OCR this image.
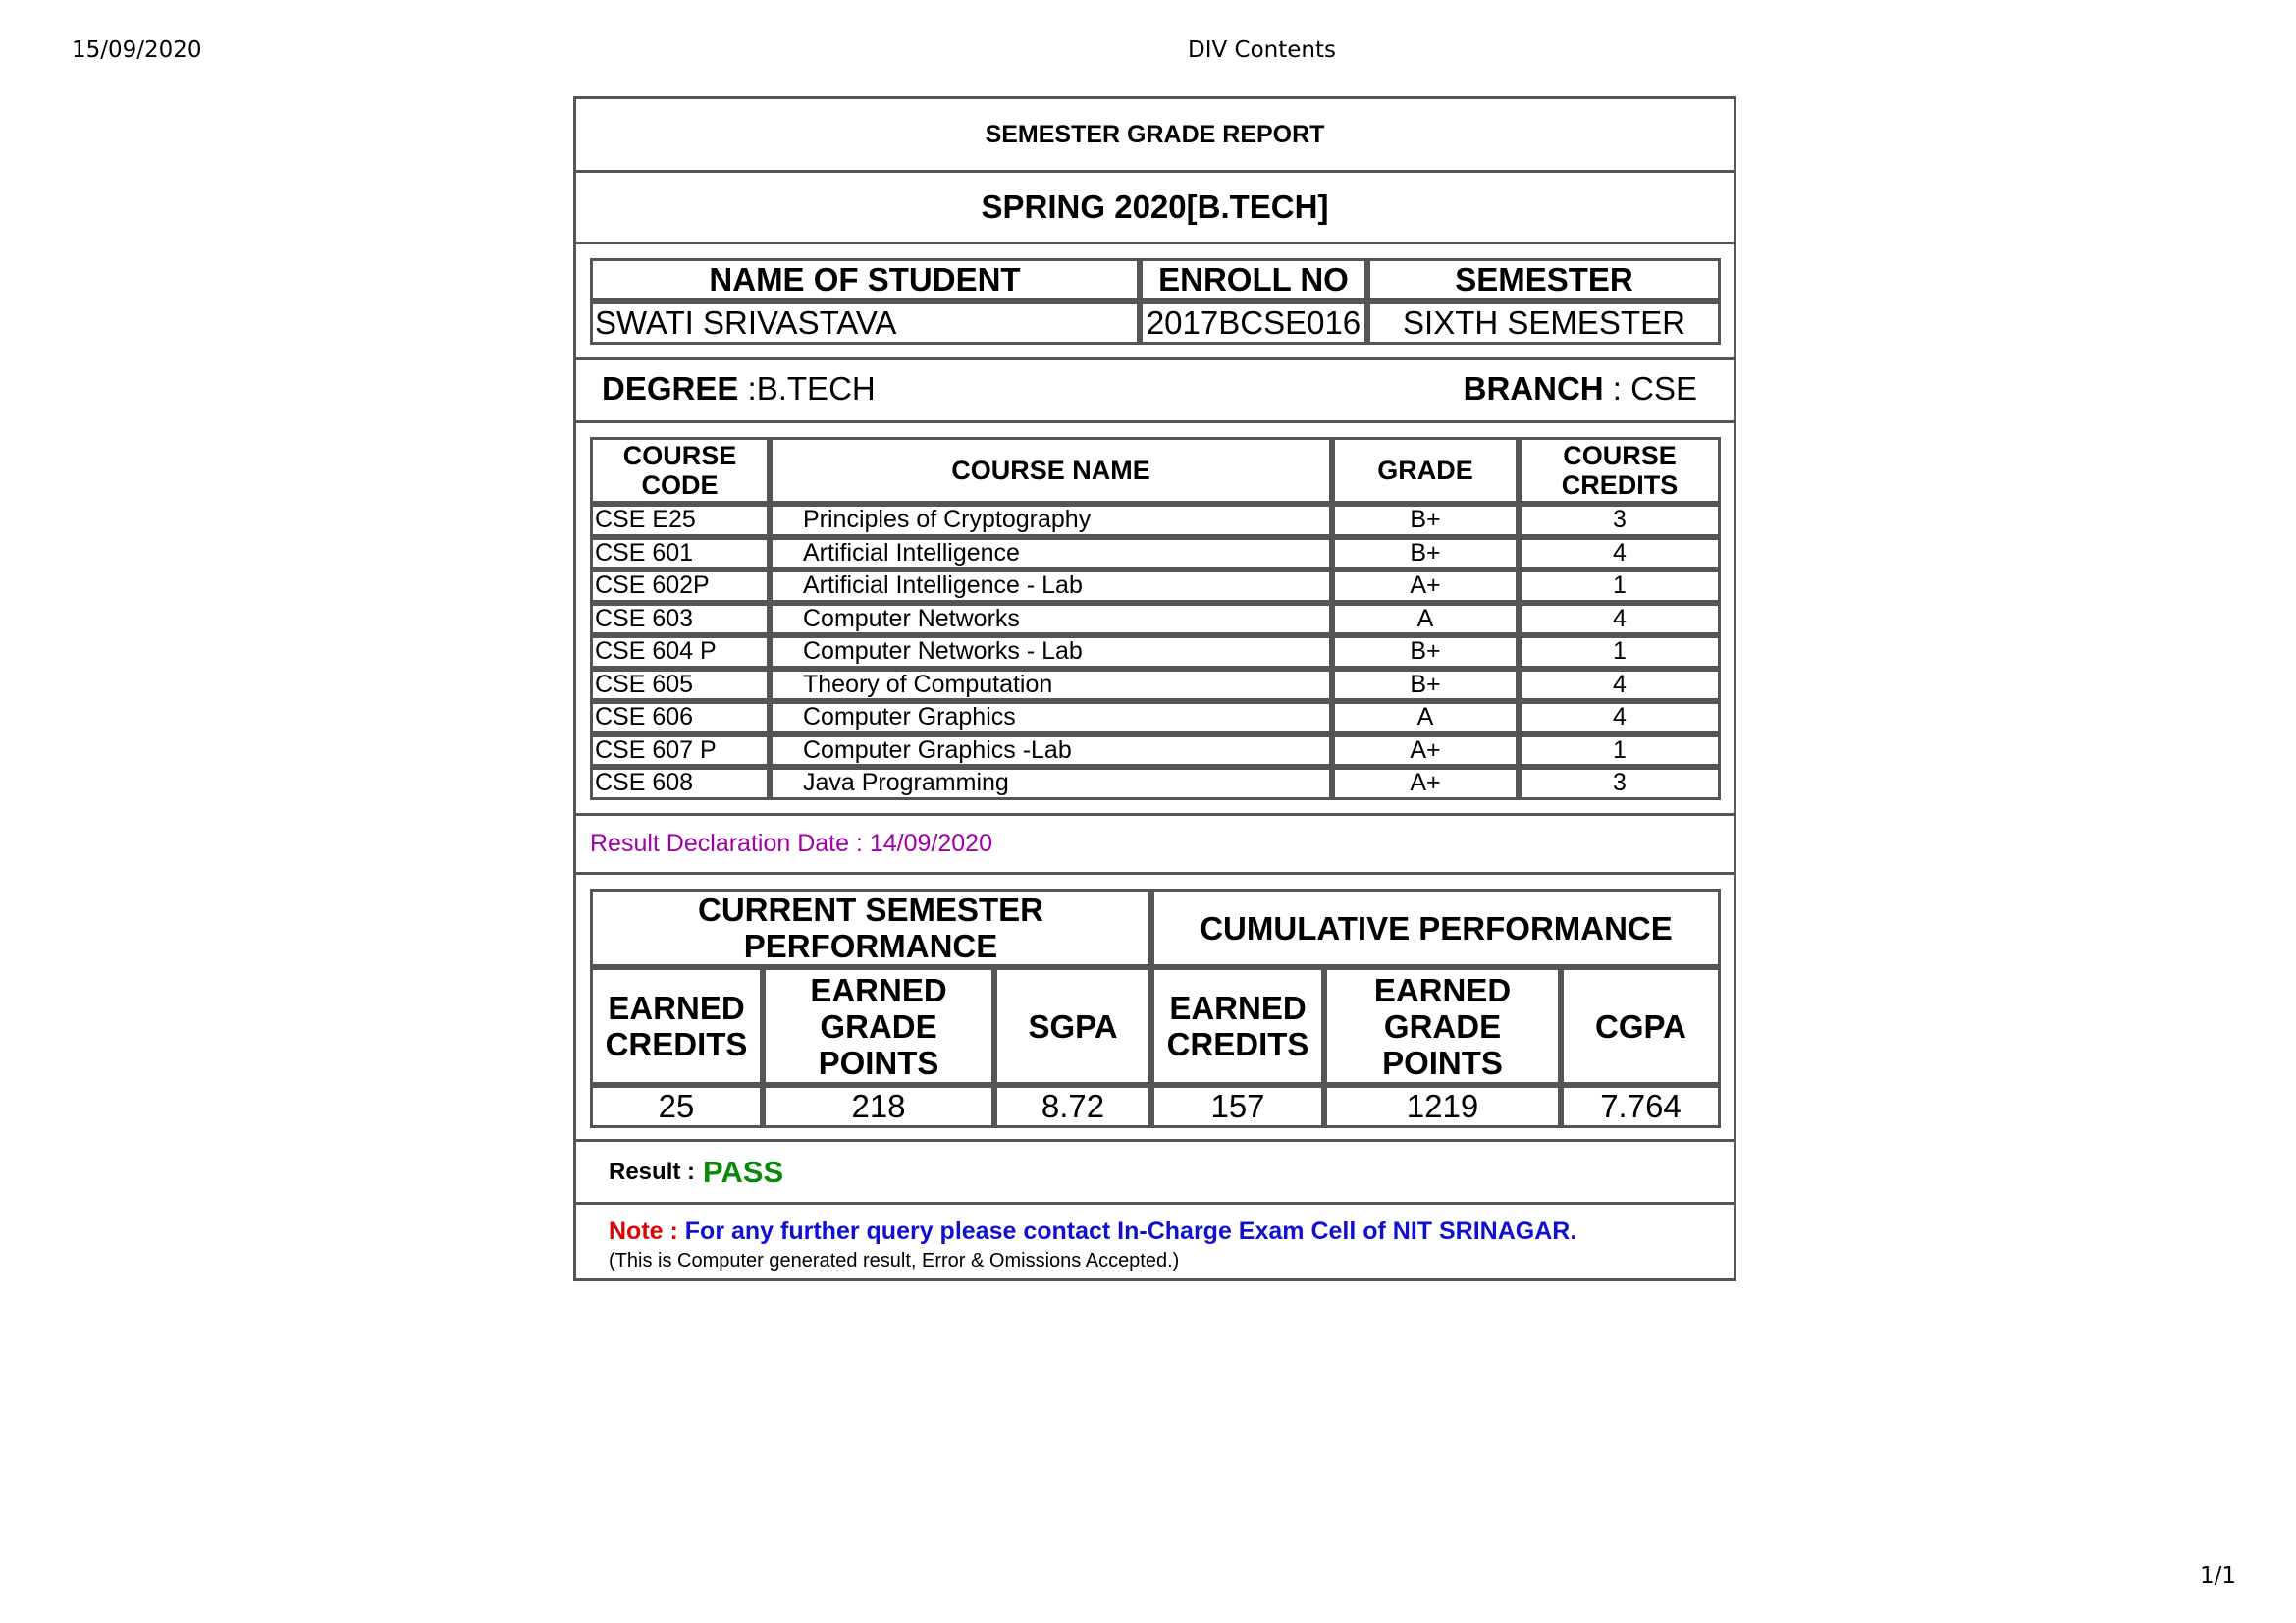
15/09/2020	DIV Contents
SEMESTER GRADE REPORT
SPRING 2020[B.TECH]
NAME OF STUDENT	ENROLL NO	SEMESTER
SWATI SRIVASTAVA	2017BCSE016	SIXTH SEMESTER
DEGREE :B.TECH	BRANCH : CSE
COURSE CODE	COURSE NAME	GRADE	COURSE CREDITS
CSE E25	Principles of Cryptography	B+	3
CSE 601	Artificial Intelligence	B+	4
CSE 602P	Artificial Intelligence - Lab	A+	1
CSE 603	Computer Networks	A	4
CSE 604 P	Computer Networks - Lab	B+	1
CSE 605	Theory of Computation	B+	4
CSE 606	Computer Graphics	A	4
CSE 607 P	Computer Graphics -Lab	A+	1
CSE 608	Java Programming	A+	3
Result Declaration Date : 14/09/2020
CURRENT SEMESTER PERFORMANCE			CUMULATIVE PERFORMANCE		
EARNED CREDITS	EARNED GRADE POINTS	SGPA	EARNED CREDITS	EARNED GRADE POINTS	CGPA
25	218	8.72	157	1219	7.764
Result : PASS
Note : For any further query please contact In-Charge Exam Cell of NIT SRINAGAR.
(This is Computer generated result, Error & Omissions Accepted.)
1/1
